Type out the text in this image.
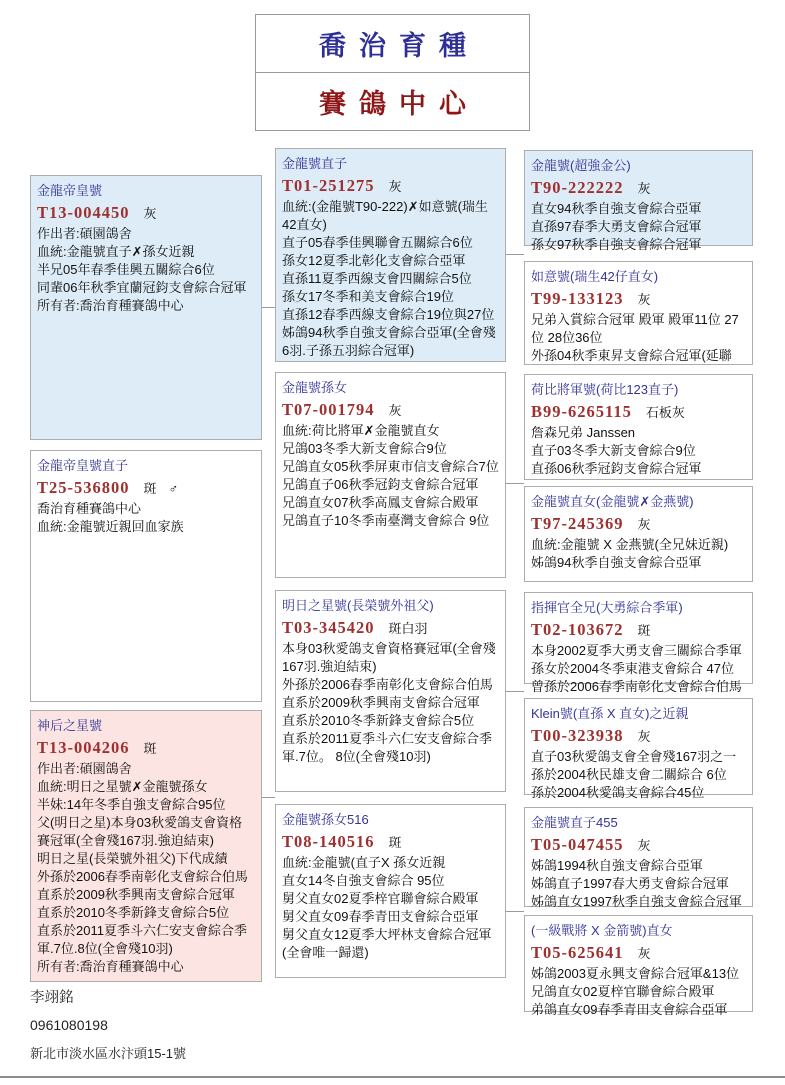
喬治育種
賽鴿中心
金龍帝皇號
T13-004450 灰
作出者:碩園鴿舍
血統:金龍號直子✗孫女近親
半兄05年春季佳興五關綜合6位
同輩06年秋季宜蘭冠鈞支會綜合冠軍
所有者:喬治育種賽鴿中心
金龍帝皇號直子
T25-536800 斑 ♂
喬治育種賽鴿中心
血統:金龍號近親回血家族
神后之星號
T13-004206 斑
作出者:碩園鴿舍
血統:明日之星號✗金龍號孫女
半妹:14年冬季自強支會綜合95位
父(明日之星)本身03秋愛鴿支會資格賽冠軍(全會殘167羽.強迫結束)
明日之星(長榮號外祖父)下代成績
外孫於2006春季南彰化支會綜合伯馬
直系於2009秋季興南支會綜合冠軍
直系於2010冬季新鋒支會綜合5位
直系於2011夏季斗六仁安支會綜合季軍.7位.8位(全會殘10羽)
所有者:喬治育種賽鴿中心
金龍號直子
T01-251275 灰
血統:(金龍號T90-222)✗如意號(瑞生42直女)
直子05春季佳興聯會五關綜合6位
孫女12夏季北彰化支會綜合亞軍
直孫11夏季西線支會四關綜合5位
孫女17冬季和美支會綜合19位
直孫12春季西線支會綜合19位與27位
姊鴿94秋季自強支會綜合亞軍(全會殘6羽.子孫五羽綜合冠軍)
金龍號孫女
T07-001794 灰
血統:荷比將軍✗金龍號直女
兄鴿03冬季大新支會綜合9位
兄鴿直女05秋季屏東市信支會綜合7位
兄鴿直子06秋季冠鈞支會綜合冠軍
兄鴿直女07秋季高鳳支會綜合殿軍
兄鴿直子10冬季南臺灣支會綜合 9位
明日之星號(長榮號外祖父)
T03-345420 斑白羽
本身03秋愛鴿支會資格賽冠軍(全會殘167羽.強迫結束)
外孫於2006春季南彰化支會綜合伯馬
直系於2009秋季興南支會綜合冠軍
直系於2010冬季新鋒支會綜合5位
直系於2011夏季斗六仁安支會綜合季軍.7位。 8位(全會殘10羽)
金龍號孫女516
T08-140516 斑
血統:金龍號(直子X 孫女近親
直女14冬自強支會綜合 95位
舅父直女02夏季梓官聯會綜合殿軍
舅父直女09春季青田支會綜合亞軍
舅父直女12夏季大坪林支會綜合冠軍(全會唯一歸還)
金龍號(超強金公)
T90-222222 灰
直女94秋季自強支會綜合亞軍
直孫97春季大勇支會綜合冠軍
孫女97秋季自強支會綜合冠軍
如意號(瑞生42仔直女)
T99-133123 灰
兄弟入賞綜合冠軍 殿軍 殿軍11位 27位 28位36位
外孫04秋季東昇支會綜合冠軍(延聯
荷比將軍號(荷比123直子)
B99-6265115 石板灰
詹森兄弟 Janssen
直子03冬季大新支會綜合9位
直孫06秋季冠鈞支會綜合冠軍
金龍號直女(金龍號✗金燕號)
T97-245369 灰
血統:金龍號 X 金燕號(全兄妹近親)
姊鴿94秋季自強支會綜合亞軍
指揮官全兄(大勇綜合季軍)
T02-103672 斑
本身2002夏季大勇支會三關綜合季軍
孫女於2004冬季東港支會綜合 47位
曾孫於2006春季南彰化支會綜合伯馬
Klein號(直孫 X 直女)之近親
T00-323938 灰
直子03秋愛鴿支會全會殘167羽之一
孫於2004秋民雄支會二關綜合 6位
孫於2004秋愛鴿支會綜合45位
金龍號直子455
T05-047455 灰
姊鴿1994秋自強支會綜合亞軍
姊鴿直子1997春大勇支會綜合冠軍
姊鴿直女1997秋季自強支會綜合冠軍
(一級戰將 X 金箭號)直女
T05-625641 灰
姊鴿2003夏永興支會綜合冠軍&13位
兄鴿直女02夏梓官聯會綜合殿軍
弟鴿直女09春季青田支會綜合亞軍
李翊銘
0961080198
新北市淡水區水汴頭15-1號
